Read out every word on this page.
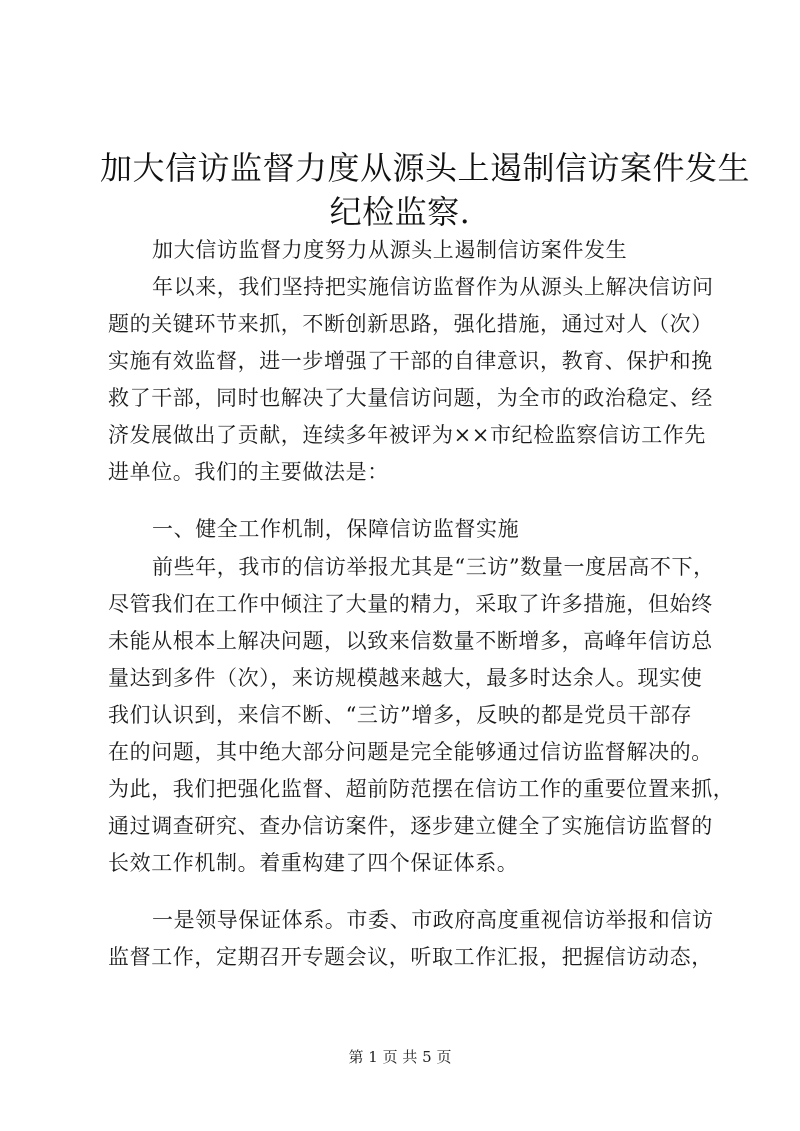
加大信访监督力度从源头上遏制信访案件发生
纪检监察.
加大信访监督力度努力从源头上遏制信访案件发生
年以来，我们坚持把实施信访监督作为从源头上解决信访问
题的关键环节来抓，不断创新思路，强化措施，通过对人（次）
实施有效监督，进一步增强了干部的自律意识，教育、保护和挽
救了干部，同时也解决了大量信访问题，为全市的政治稳定、经
济发展做出了贡献，连续多年被评为××市纪检监察信访工作先
进单位。我们的主要做法是：
一、健全工作机制，保障信访监督实施
前些年，我市的信访举报尤其是“三访”数量一度居高不下，
尽管我们在工作中倾注了大量的精力，采取了许多措施，但始终
未能从根本上解决问题，以致来信数量不断增多，高峰年信访总
量达到多件（次），来访规模越来越大，最多时达余人。现实使
我们认识到，来信不断、“三访”增多，反映的都是党员干部存
在的问题，其中绝大部分问题是完全能够通过信访监督解决的。
为此，我们把强化监督、超前防范摆在信访工作的重要位置来抓，
通过调查研究、查办信访案件，逐步建立健全了实施信访监督的
长效工作机制。着重构建了四个保证体系。
一是领导保证体系。市委、市政府高度重视信访举报和信访
监督工作，定期召开专题会议，听取工作汇报，把握信访动态，
第 1 页 共 5 页
